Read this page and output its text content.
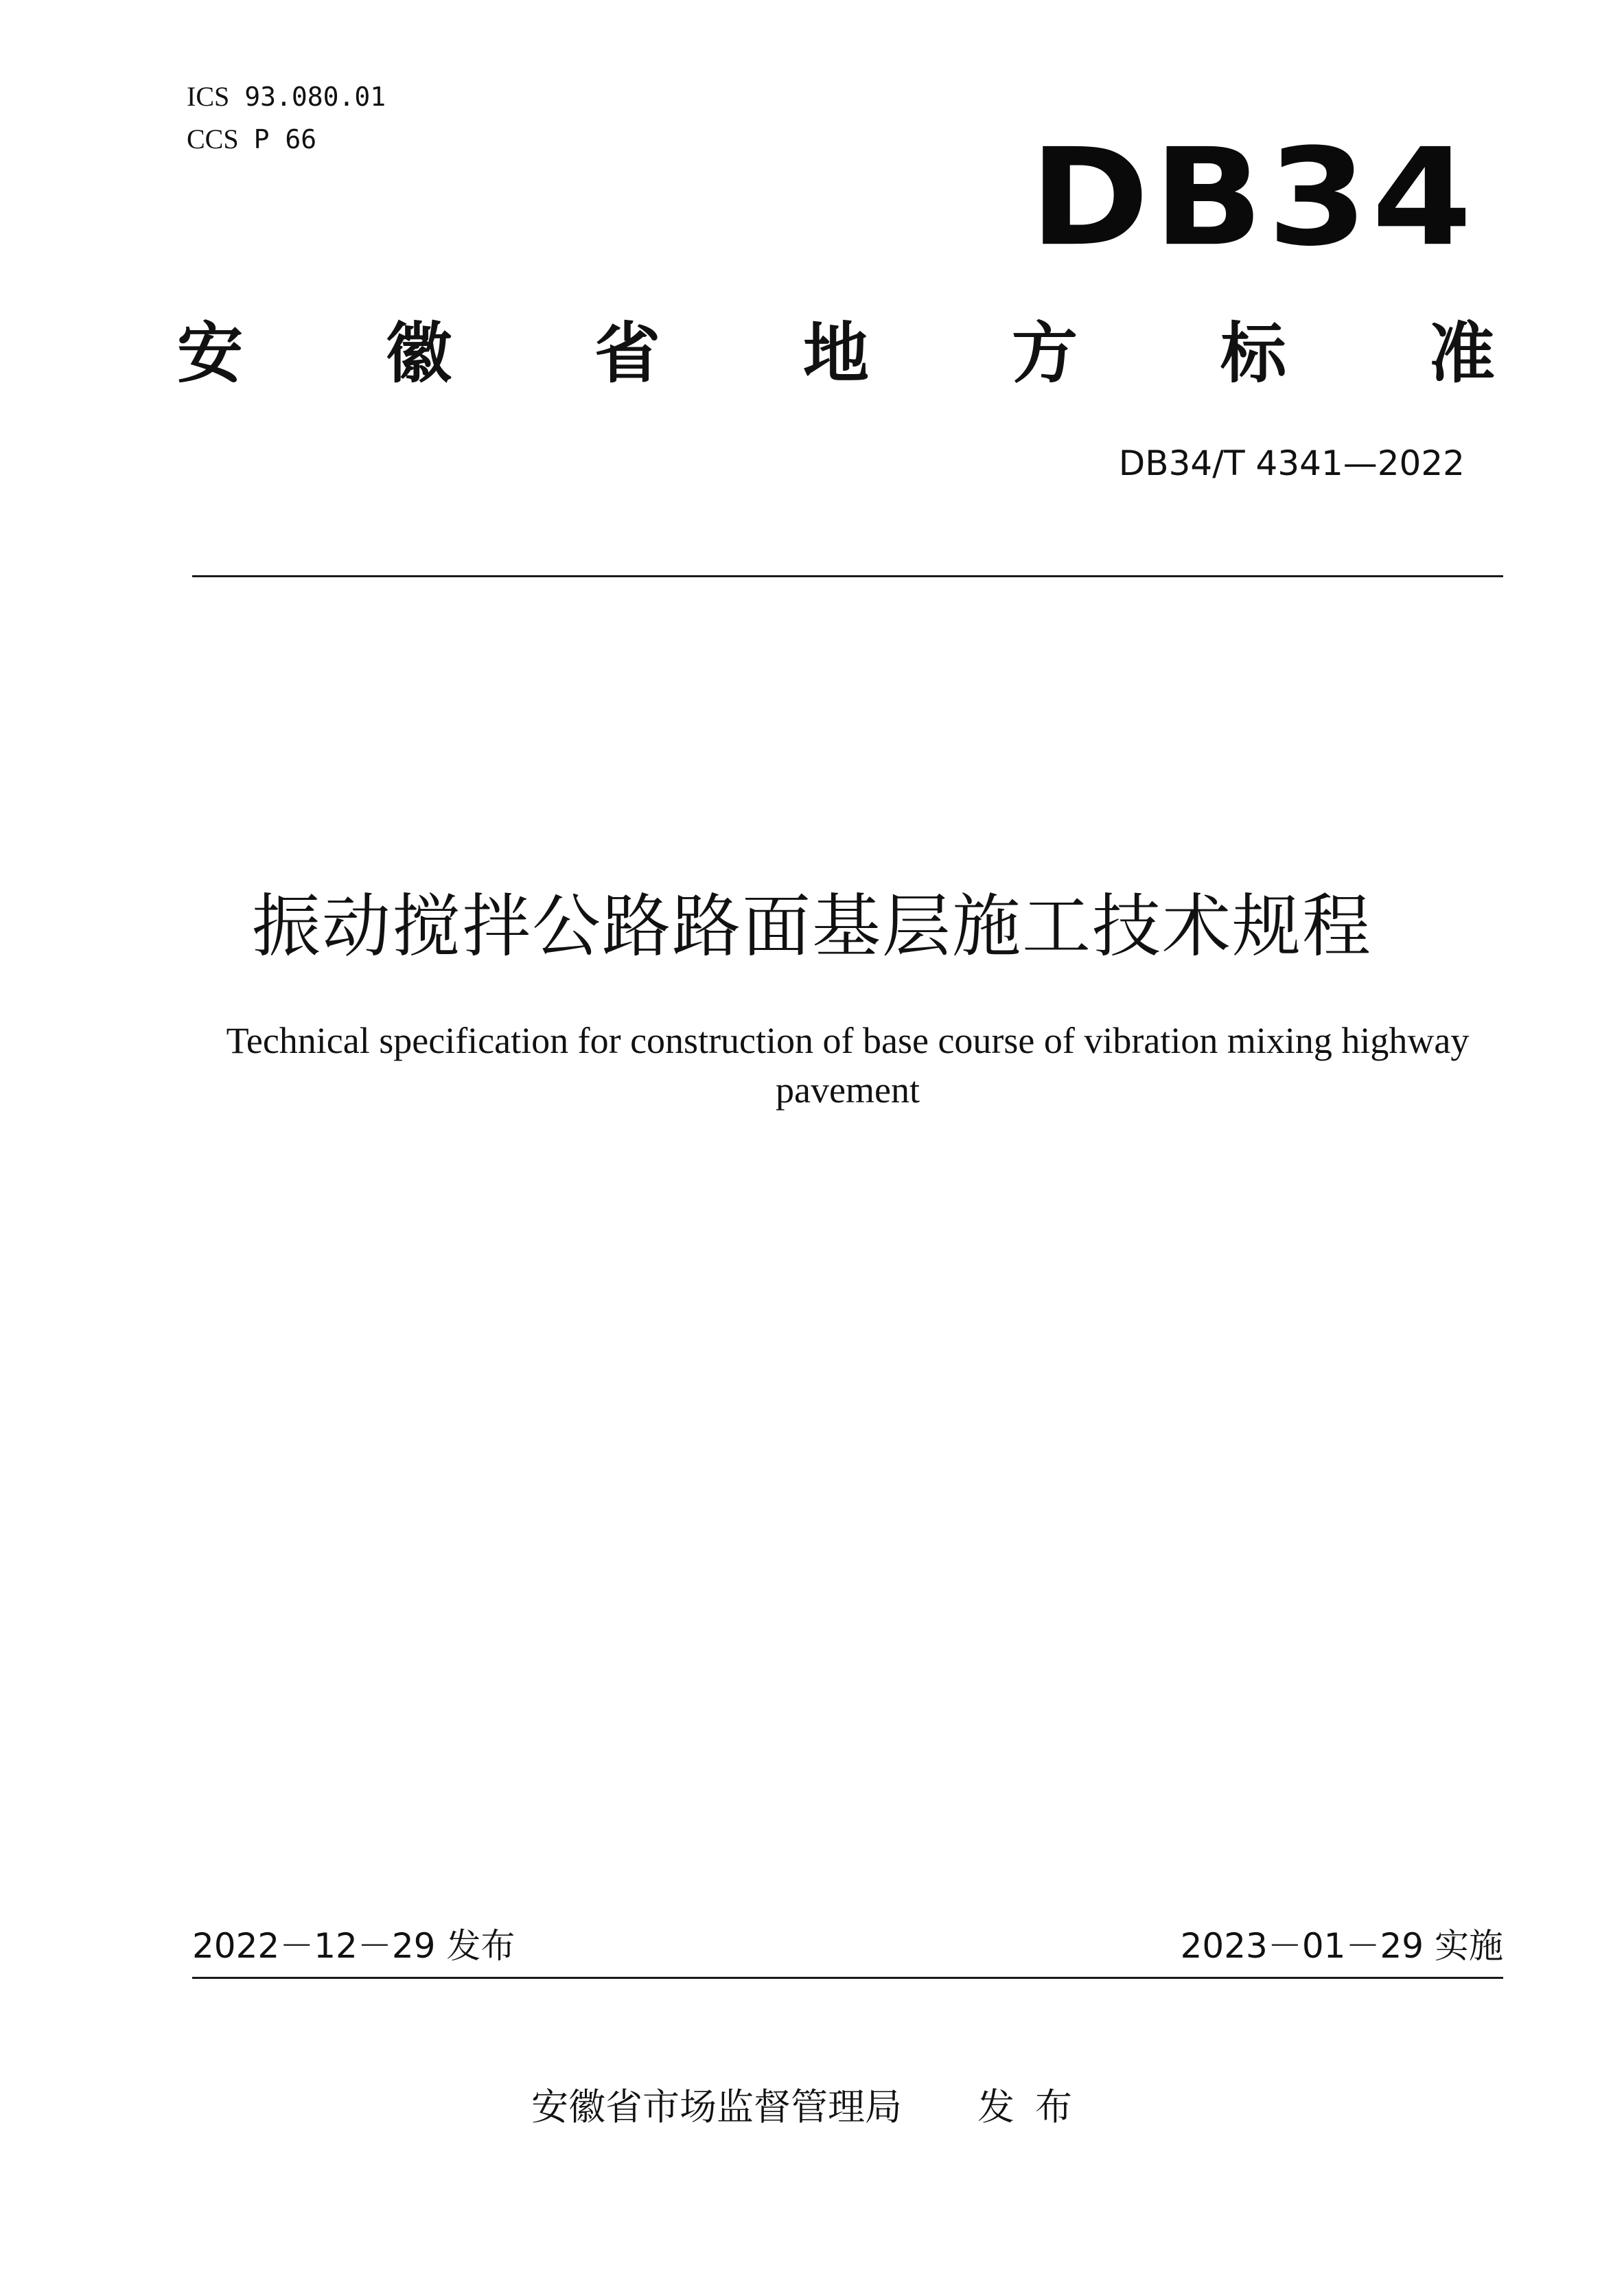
ICS 93.080.01
CCS P 66	DB34
安 徽 省 地 方 标 准
DB34/T 4341—2022
振动搅拌公路路面基层施工技术规程
Technical specification for construction of base course of vibration mixing highway
pavement
2022－12－29 发布	2023－01－29 实施
安徽省市场监督管理局 发布
